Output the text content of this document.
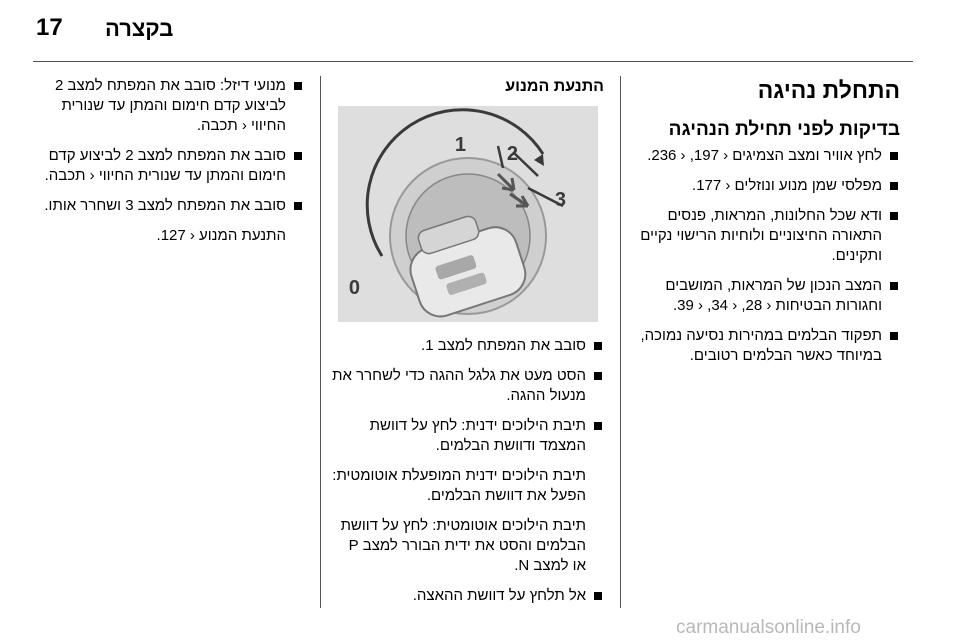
17 בקצרה
התחלת נהיגה
בדיקות לפני תחילת הנהיגה
לחץ אוויר ומצב הצמיגים ‹ 197, ‹ 236.
מפלסי שמן מנוע ונוזלים ‹ 177.
ודא שכל החלונות, המראות, פנסים התאורה החיצוניים ולוחיות הרישוי נקיים ותקינים.
המצב הנכון של המראות, המושבים וחגורות הבטיחות ‹ 28, ‹ 34, ‹ 39.
תפקוד הבלמים במהירות נסיעה נמוכה, במיוחד כאשר הבלמים רטובים.
התנעת המנוע
1 2
3
0
סובב את המפתח למצב 1.
הסט מעט את גלגל ההגה כדי לשחרר את מנעול ההגה.
תיבת הילוכים ידנית: לחץ על דוושת המצמד ודוושת הבלמים.
תיבת הילוכים ידנית המופעלת אוטומטית: הפעל את דוושת הבלמים.
תיבת הילוכים אוטומטית: לחץ על דוושת הבלמים והסט את ידית הבורר למצב P או למצב N.
אל תלחץ על דוושת ההאצה.
מנועי דיזל: סובב את המפתח למצב 2 לביצוע קדם חימום והמתן עד שנורית החיווי ‹ תכבה.
סובב את המפתח למצב 2 לביצוע קדם חימום והמתן עד שנורית החיווי ‹ תכבה.
סובב את המפתח למצב 3 ושחרר אותו.
התנעת המנוע ‹ 127.
carmanualsonline.info
